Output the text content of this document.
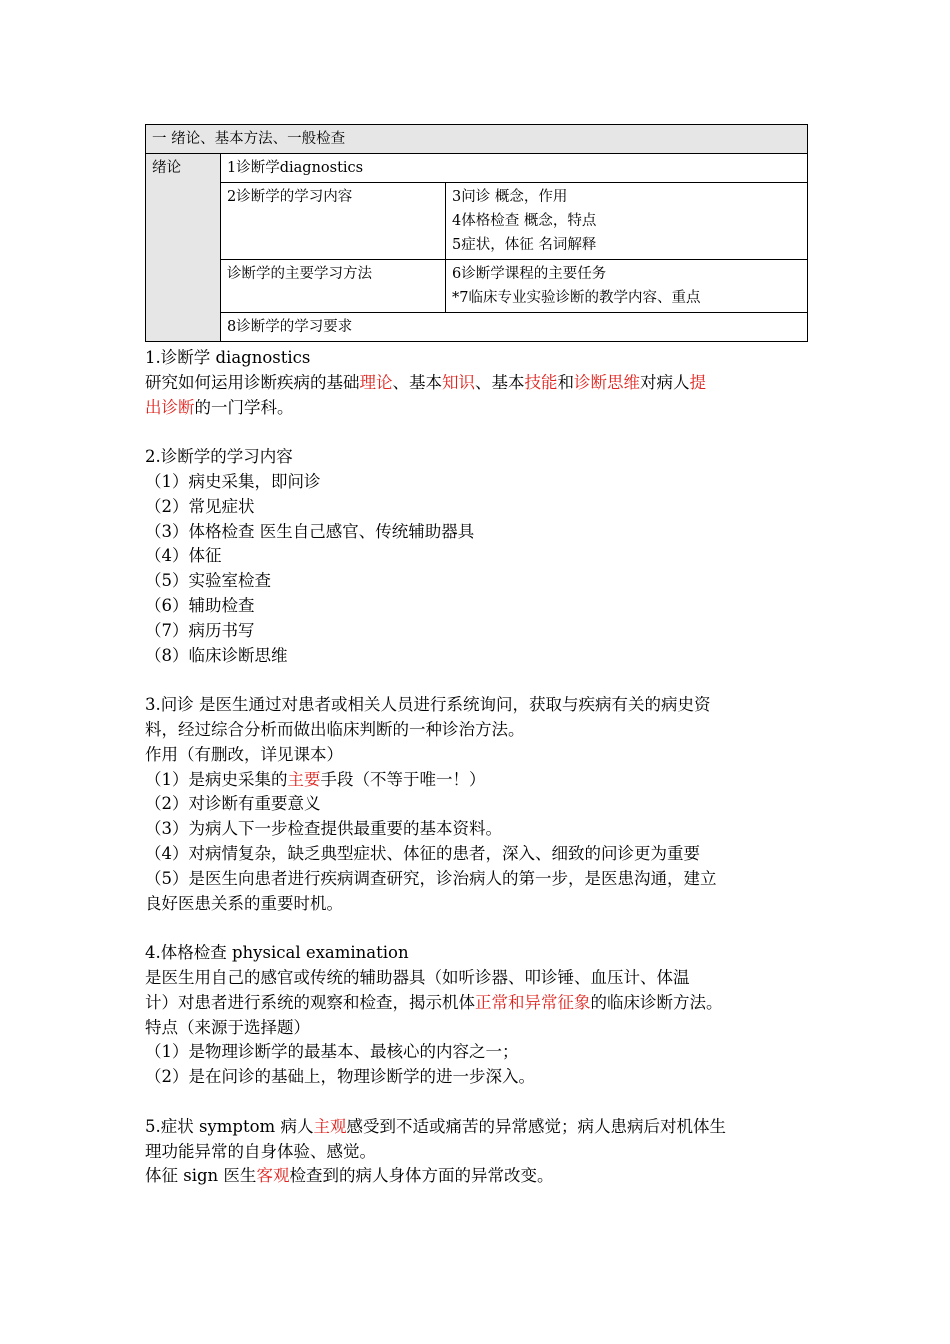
一 绪论、基本方法、一般检查		
绪论	1诊断学diagnostics	
	2诊断学的学习内容	3问诊 概念，作用
4体格检查 概念，特点
5症状，体征 名词解释

	诊断学的主要学习方法	6诊断学课程的主要任务
*7临床专业实验诊断的教学内容、重点

	8诊断学的学习要求	

1.诊断学 diagnostics

研究如何运用诊断疾病的基础理论、基本知识、基本技能和诊断思维对病人提

出诊断的一门学科。

2.诊断学的学习内容

（1）病史采集，即问诊

（2）常见症状

（3）体格检查 医生自己感官、传统辅助器具

（4）体征

（5）实验室检查

（6）辅助检查

（7）病历书写

（8）临床诊断思维

3.问诊 是医生通过对患者或相关人员进行系统询问，获取与疾病有关的病史资

料，经过综合分析而做出临床判断的一种诊治方法。

作用（有删改，详见课本）

（1）是病史采集的主要手段（不等于唯一！）

（2）对诊断有重要意义

（3）为病人下一步检查提供最重要的基本资料。

（4）对病情复杂，缺乏典型症状、体征的患者，深入、细致的问诊更为重要

（5）是医生向患者进行疾病调查研究，诊治病人的第一步，是医患沟通，建立

良好医患关系的重要时机。

4.体格检查 physical examination

是医生用自己的感官或传统的辅助器具（如听诊器、叩诊锤、血压计、体温

计）对患者进行系统的观察和检查，揭示机体正常和异常征象的临床诊断方法。

特点（来源于选择题）

（1）是物理诊断学的最基本、最核心的内容之一；

（2）是在问诊的基础上，物理诊断学的进一步深入。

5.症状 symptom 病人主观感受到不适或痛苦的异常感觉；病人患病后对机体生

理功能异常的自身体验、感觉。

体征 sign 医生客观检查到的病人身体方面的异常改变。
